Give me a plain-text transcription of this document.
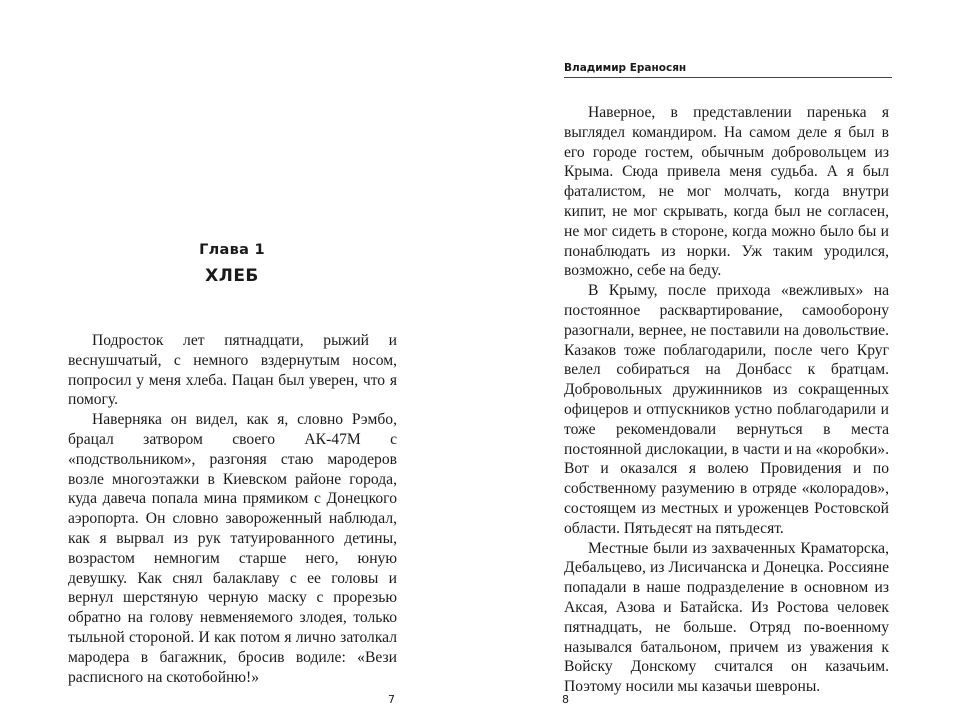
Глава 1
ХЛЕБ

Подросток лет пятнадцати, рыжий и веснушчатый, с немного вздернутым носом, попросил у меня хлеба. Пацан был уверен, что я помогу.

Наверняка он видел, как я, словно Рэмбо, брацал затвором своего АК-47М с «подствольником», разгоняя стаю мародеров возле многоэтажки в Киевском районе города, куда давеча попала мина прямиком с Донецкого аэропорта. Он словно завороженный наблюдал, как я вырвал из рук татуированного детины, возрастом немногим старше него, юную девушку. Как снял балаклаву с ее головы и вернул шерстяную черную маску с прорезью обратно на голову невменяемого злодея, только тыльной стороной. И как потом я лично затолкал мародера в багажник, бросив водиле: «Вези расписного на скотобойню!»

7
Владимир Ераносян

Наверное, в представлении паренька я выглядел командиром. На самом деле я был в его городе гостем, обычным добровольцем из Крыма. Сюда привела меня судьба. А я был фаталистом, не мог молчать, когда внутри кипит, не мог скрывать, когда был не согласен, не мог сидеть в стороне, когда можно было бы и понаблюдать из норки. Уж таким уродился, возможно, себе на беду.

В Крыму, после прихода «вежливых» на постоянное расквартирование, самооборону разогнали, вернее, не поставили на довольствие. Казаков тоже поблагодарили, после чего Круг велел собираться на Донбасс к братцам. Добровольных дружинников из сокращенных офицеров и отпускников устно поблагодарили и тоже рекомендовали вернуться в места постоянной дислокации, в части и на «коробки». Вот и оказался я волею Провидения и по собственному разумению в отряде «колорадов», состоящем из местных и уроженцев Ростовской области. Пятьдесят на пятьдесят.

Местные были из захваченных Краматорска, Дебальцево, из Лисичанска и Донецка. Россияне попадали в наше подразделение в основном из Аксая, Азова и Батайска. Из Ростова человек пятнадцать, не больше. Отряд по-военному назывался батальоном, причем из уважения к Войску Донскому считался он казачьим. Поэтому носили мы казачьи шевроны.

8
